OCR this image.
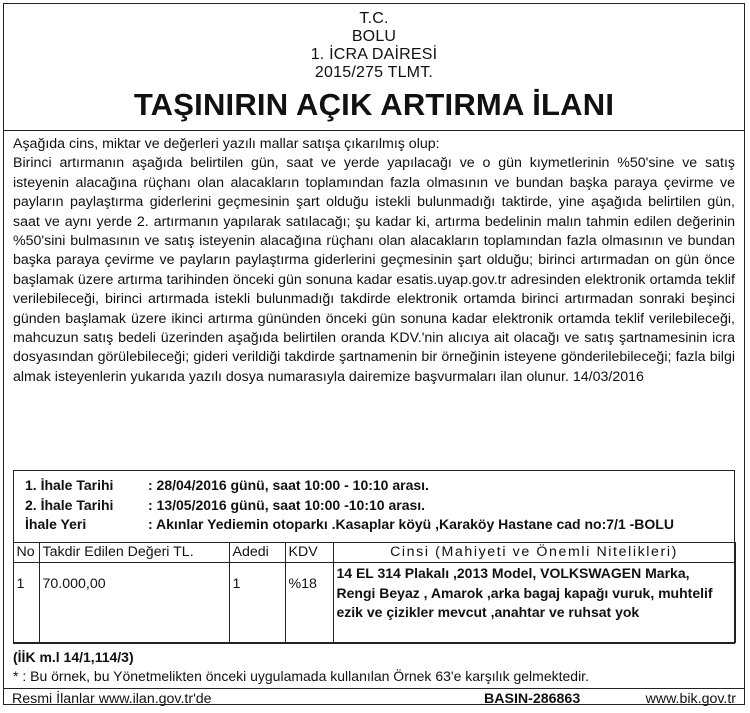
T.C.
BOLU
1. İCRA DAİRESİ
2015/275 TLMT.
TAŞINIRIN AÇIK ARTIRMA İLANI

Aşağıda cins, miktar ve değerleri yazılı mallar satışa çıkarılmış olup:

Birinci artırmanın aşağıda belirtilen gün, saat ve yerde yapılacağı ve o gün kıymetlerinin %50'sine ve satış isteyenin alacağına rüçhanı olan alacakların toplamından fazla olmasının ve bundan başka paraya çevirme ve payların paylaştırma giderlerini geçmesinin şart olduğu istekli bulunmadığı taktirde, yine aşağıda belirtilen gün, saat ve aynı yerde 2. artırmanın yapılarak satılacağı; şu kadar ki, artırma bedelinin malın tahmin edilen değerinin %50'sini bulmasının ve satış isteyenin alacağına rüçhanı olan alacakların toplamından fazla olmasının ve bundan başka paraya çevirme ve payların paylaştırma giderlerini geçmesinin şart olduğu; birinci artırmadan on gün önce başlamak üzere artırma tarihinden önceki gün sonuna kadar esatis.uyap.gov.tr adresinden elektronik ortamda teklif verilebileceği, birinci artırmada istekli bulunmadığı takdirde elektronik ortamda birinci artırmadan sonraki beşinci günden başlamak üzere ikinci artırma gününden önceki gün sonuna kadar elektronik ortamda teklif verilebileceği, mahcuzun satış bedeli üzerinden aşağıda belirtilen oranda KDV.'nin alıcıya ait olacağı ve satış şartnamesinin icra dosyasından görülebileceği; gideri verildiği takdirde şartnamenin bir örneğinin isteyene gönderilebileceği; fazla bilgi almak isteyenlerin yukarıda yazılı dosya numarasıyla dairemize başvurmaları ilan olunur. 14/03/2016

1. İhale Tarihi	: 28/04/2016 günü, saat 10:00 - 10:10 arası.
2. İhale Tarihi	: 13/05/2016 günü, saat 10:00 -10:10 arası.
İhale Yeri	: Akınlar Yediemin otoparkı .Kasaplar köyü ,Karaköy Hastane cad no:7/1 -BOLU
No	Takdir Edilen Değeri TL.	Adedi	KDV	Cinsi (Mahiyeti ve Önemli Nitelikleri)
1	70.000,00	1	%18	14 EL 314 Plakalı ,2013 Model, VOLKSWAGEN Marka, Rengi Beyaz , Amarok ,arka bagaj kapağı vuruk, muhtelif ezik ve çizikler mevcut ,anahtar ve ruhsat yok
(İİK m.l 14/1,114/3)
* : Bu örnek, bu Yönetmelikten önceki uygulamada kullanılan Örnek 63'e karşılık gelmektedir.
Resmi İlanlar www.ilan.gov.tr'de	BASIN-286863	www.bik.gov.tr
